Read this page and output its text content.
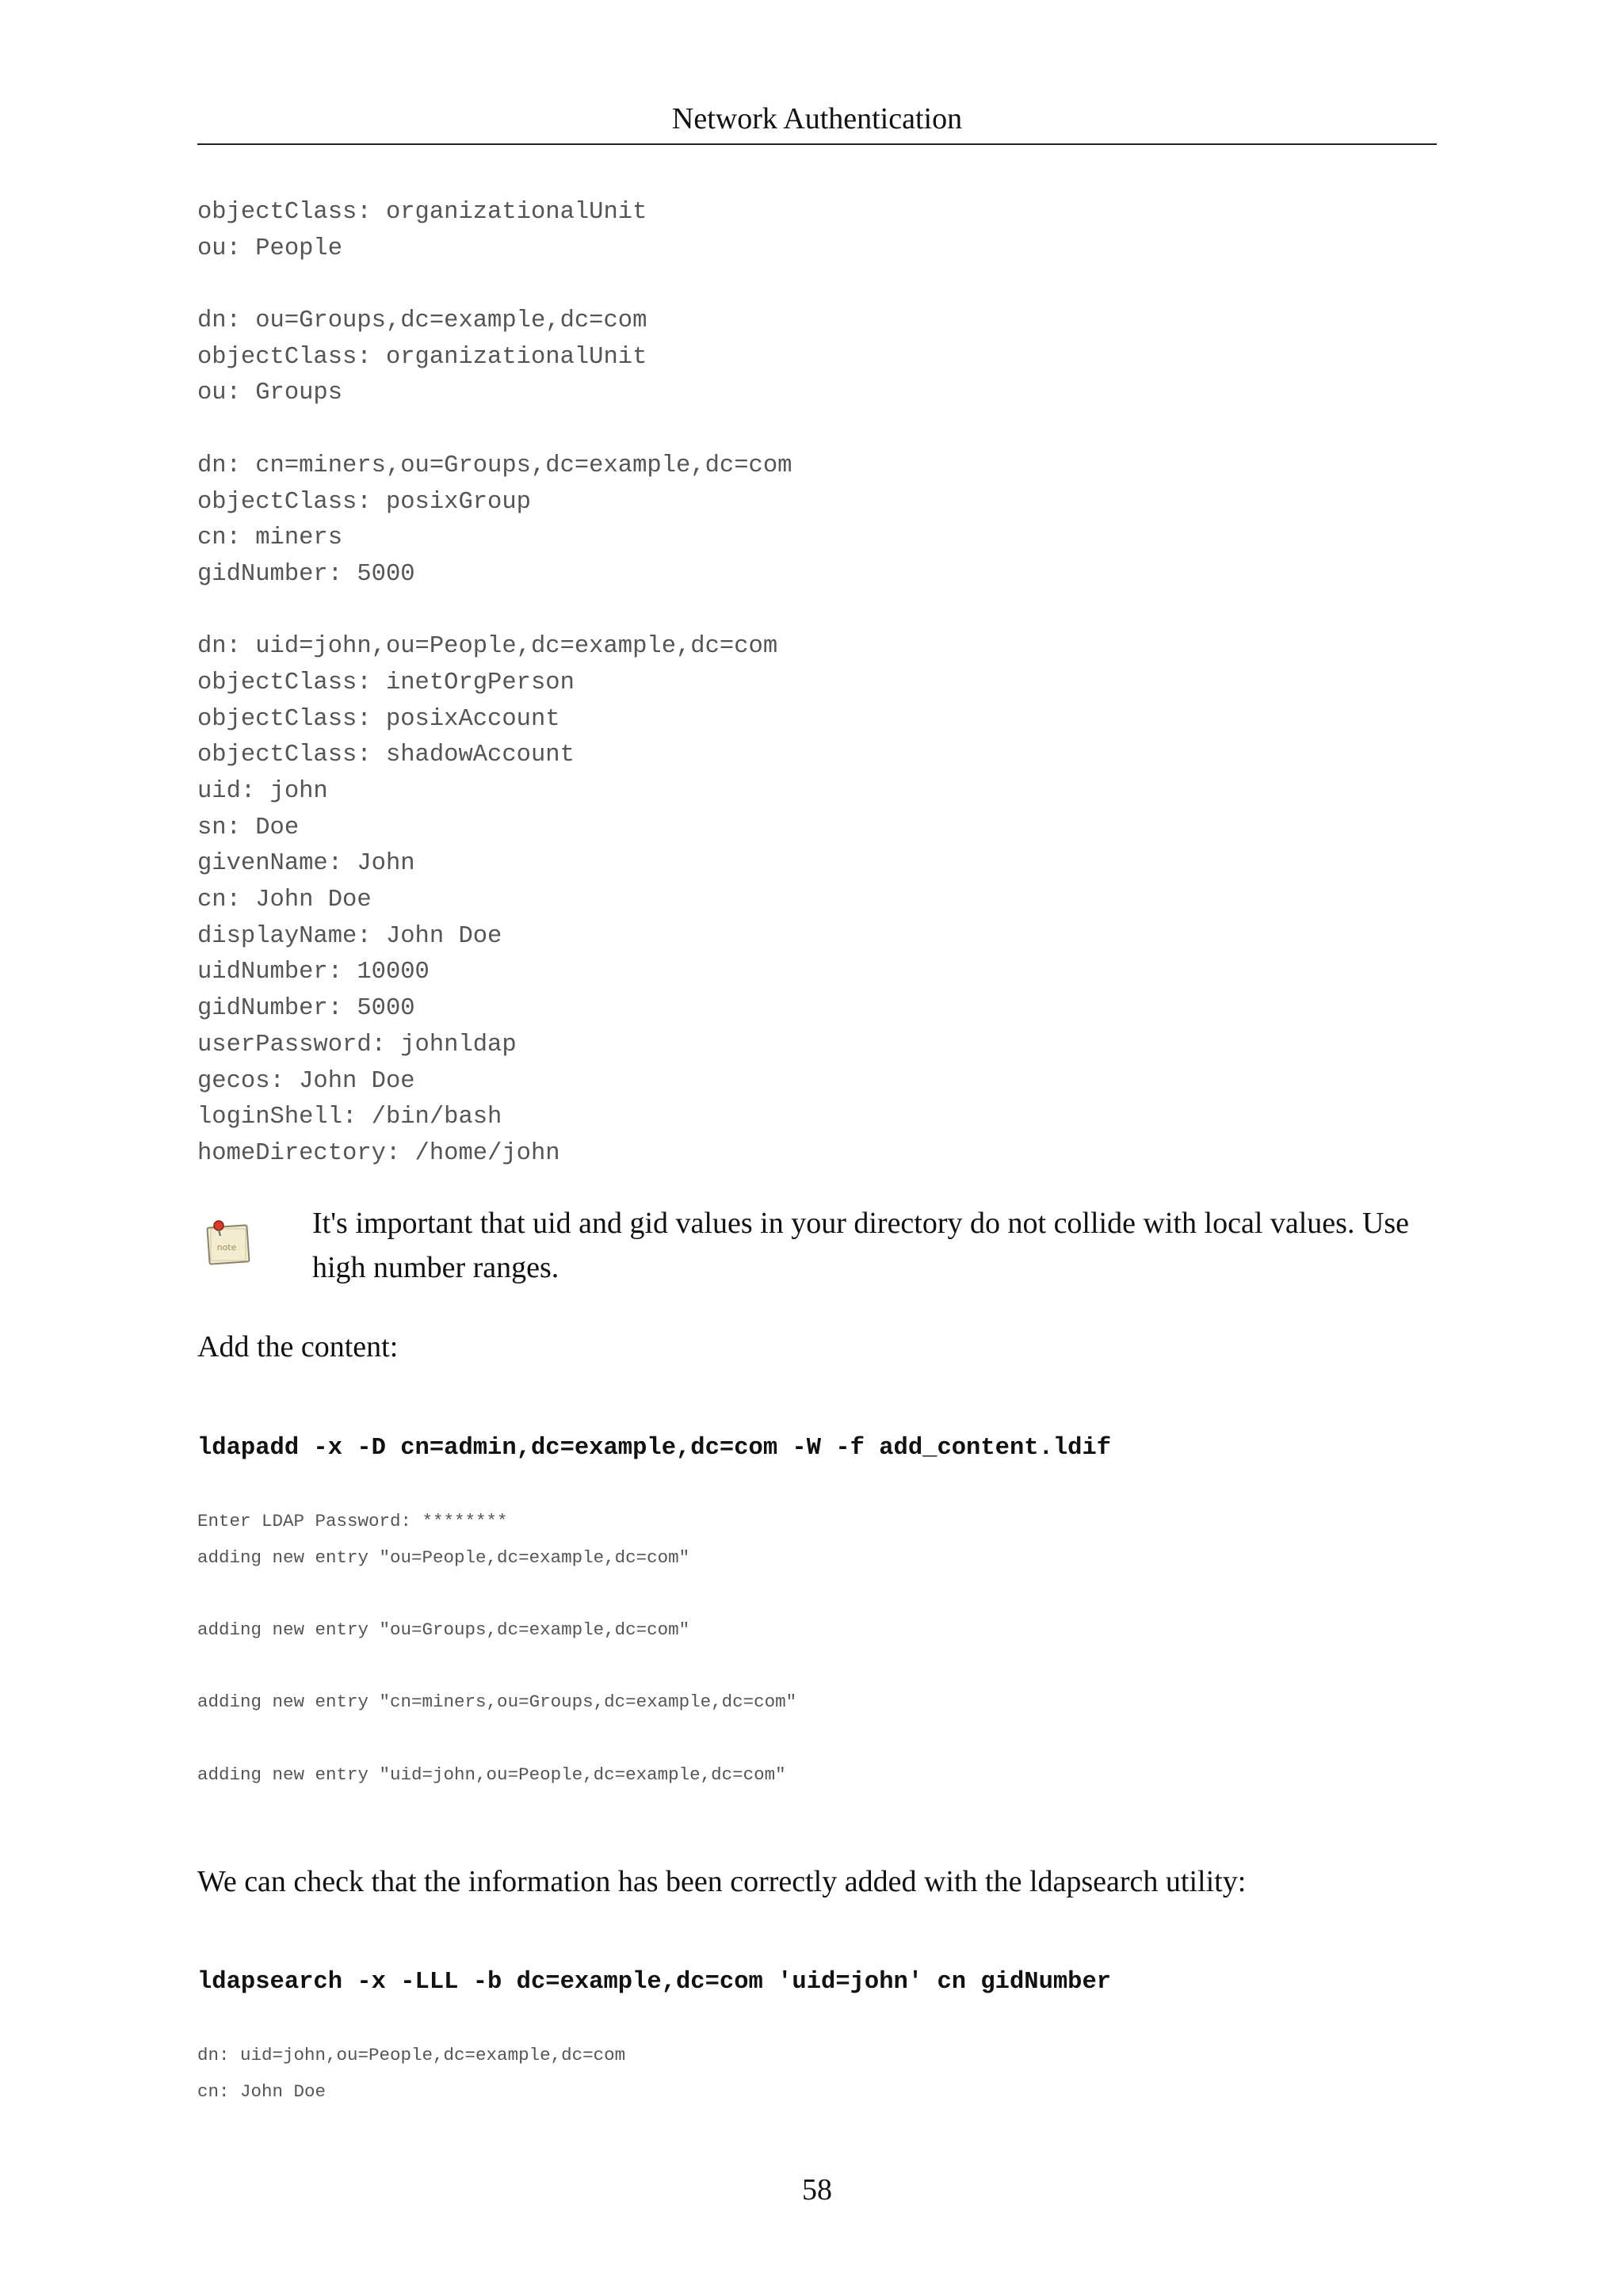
Network Authentication
objectClass: organizationalUnit
ou: People
dn: ou=Groups,dc=example,dc=com
objectClass: organizationalUnit
ou: Groups
dn: cn=miners,ou=Groups,dc=example,dc=com
objectClass: posixGroup
cn: miners
gidNumber: 5000
dn: uid=john,ou=People,dc=example,dc=com
objectClass: inetOrgPerson
objectClass: posixAccount
objectClass: shadowAccount
uid: john
sn: Doe
givenName: John
cn: John Doe
displayName: John Doe
uidNumber: 10000
gidNumber: 5000
userPassword: johnldap
gecos: John Doe
loginShell: /bin/bash
homeDirectory: /home/john
note
It's important that uid and gid values in your directory do not collide with local values. Use high number ranges.
Add the content:
ldapadd -x -D cn=admin,dc=example,dc=com -W -f add_content.ldif
Enter LDAP Password: ********
adding new entry "ou=People,dc=example,dc=com"
adding new entry "ou=Groups,dc=example,dc=com"
adding new entry "cn=miners,ou=Groups,dc=example,dc=com"
adding new entry "uid=john,ou=People,dc=example,dc=com"
We can check that the information has been correctly added with the ldapsearch utility:
ldapsearch -x -LLL -b dc=example,dc=com 'uid=john' cn gidNumber
dn: uid=john,ou=People,dc=example,dc=com
cn: John Doe
58
